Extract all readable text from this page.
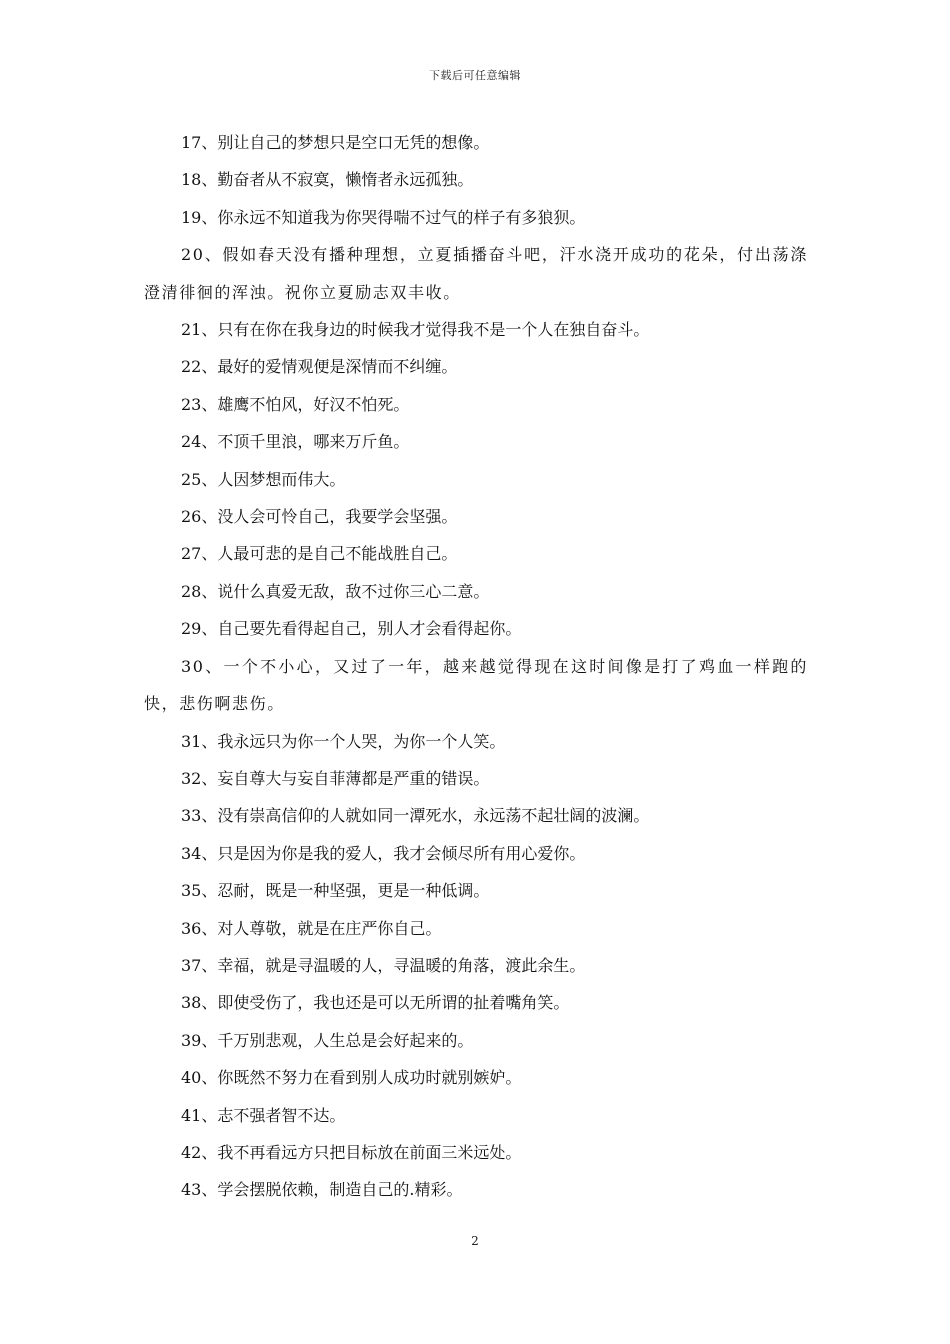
下载后可任意编辑

17、别让自己的梦想只是空口无凭的想像。

18、勤奋者从不寂寞，懒惰者永远孤独。

19、你永远不知道我为你哭得喘不过气的样子有多狼狈。

20、假如春天没有播种理想，立夏插播奋斗吧，汗水浇开成功的花朵，付出荡涤澄清徘徊的浑浊。祝你立夏励志双丰收。

21、只有在你在我身边的时候我才觉得我不是一个人在独自奋斗。

22、最好的爱情观便是深情而不纠缠。

23、雄鹰不怕风，好汉不怕死。

24、不顶千里浪，哪来万斤鱼。

25、人因梦想而伟大。

26、没人会可怜自己，我要学会坚强。

27、人最可悲的是自己不能战胜自己。

28、说什么真爱无敌，敌不过你三心二意。

29、自己要先看得起自己，别人才会看得起你。

30、一个不小心，又过了一年，越来越觉得现在这时间像是打了鸡血一样跑的快，悲伤啊悲伤。

31、我永远只为你一个人哭，为你一个人笑。

32、妄自尊大与妄自菲薄都是严重的错误。

33、没有崇高信仰的人就如同一潭死水，永远荡不起壮阔的波澜。

34、只是因为你是我的爱人，我才会倾尽所有用心爱你。

35、忍耐，既是一种坚强，更是一种低调。

36、对人尊敬，就是在庄严你自己。

37、幸福，就是寻温暖的人，寻温暖的角落，渡此余生。

38、即使受伤了，我也还是可以无所谓的扯着嘴角笑。

39、千万别悲观，人生总是会好起来的。

40、你既然不努力在看到别人成功时就别嫉妒。

41、志不强者智不达。

42、我不再看远方只把目标放在前面三米远处。

43、学会摆脱依赖，制造自己的.精彩。

2
